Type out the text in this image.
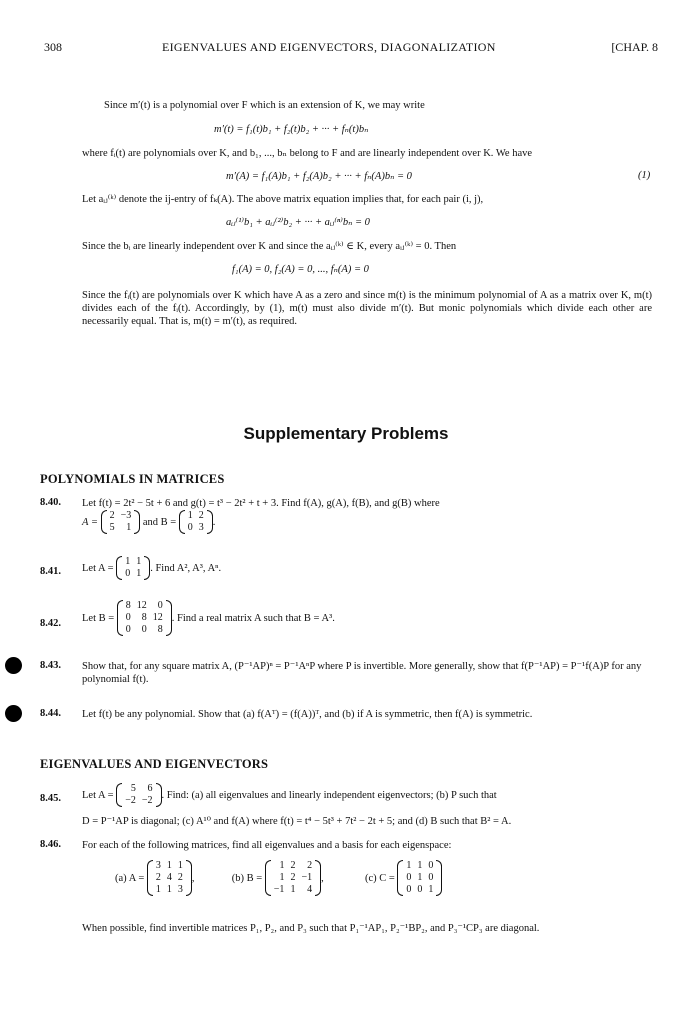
308	EIGENVALUES AND EIGENVECTORS, DIAGONALIZATION	[CHAP. 8
Since m′(t) is a polynomial over F which is an extension of K, we may write
m′(t) = f₁(t)b₁ + f₂(t)b₂ + ··· + fₙ(t)bₙ
where fᵢ(t) are polynomials over K, and b₁, ..., bₙ belong to F and are linearly independent over K. We have
m′(A) = f₁(A)b₁ + f₂(A)b₂ + ··· + fₙ(A)bₙ = 0	(1)
Let aᵢⱼ⁽ᵏ⁾ denote the ij-entry of fₖ(A). The above matrix equation implies that, for each pair (i, j),
aᵢⱼ⁽¹⁾b₁ + aᵢⱼ⁽²⁾b₂ + ··· + aᵢⱼ⁽ⁿ⁾bₙ = 0
Since the bᵢ are linearly independent over K and since the aᵢⱼ⁽ᵏ⁾ ∈ K, every aᵢⱼ⁽ᵏ⁾ = 0. Then
f₁(A) = 0, f₂(A) = 0, ..., fₙ(A) = 0
Since the fᵢ(t) are polynomials over K which have A as a zero and since m(t) is the minimum polynomial of A as a matrix over K, m(t) divides each of the fᵢ(t). Accordingly, by (1), m(t) must also divide m′(t). But monic polynomials which divide each other are necessarily equal. That is, m(t) = m′(t), as required.
Supplementary Problems
POLYNOMIALS IN MATRICES
8.40. Let f(t) = 2t² − 5t + 6 and g(t) = t³ − 2t² + t + 3. Find f(A), g(A), f(B), and g(B) where
A =
2	−3
5	1 and B =
1	2
0	3 .
8.41. Let A =
1	1
0	1 . Find A², A³, Aⁿ.
8.42. Let B =
8	12	0
0	8	12
0	0	8
. Find a real matrix A such that B = A³.
8.43. Show that, for any square matrix A, (P⁻¹AP)ⁿ = P⁻¹AⁿP where P is invertible. More generally, show that f(P⁻¹AP) = P⁻¹f(A)P for any polynomial f(t).
8.44. Let f(t) be any polynomial. Show that (a) f(Aᵀ) = (f(A))ᵀ, and (b) if A is symmetric, then f(A) is symmetric.
EIGENVALUES AND EIGENVECTORS
8.45. Let A =
5	6
−2	−2 . Find: (a) all eigenvalues and linearly independent eigenvectors; (b) P such that
D = P⁻¹AP is diagonal; (c) A¹⁰ and f(A) where f(t) = t⁴ − 5t³ + 7t² − 2t + 5; and (d) B such that B² = A.
8.46. For each of the following matrices, find all eigenvalues and a basis for each eigenspace:
(a) A =
3	1	1
2	4	2
1	1	3
,	(b) B =
1	2	2
1	2	−1
−1	1	4
,	(c) C =
1	1	0
0	1	0
0	0	1
When possible, find invertible matrices P₁, P₂, and P₃ such that P₁⁻¹AP₁, P₂⁻¹BP₂, and P₃⁻¹CP₃ are diagonal.
